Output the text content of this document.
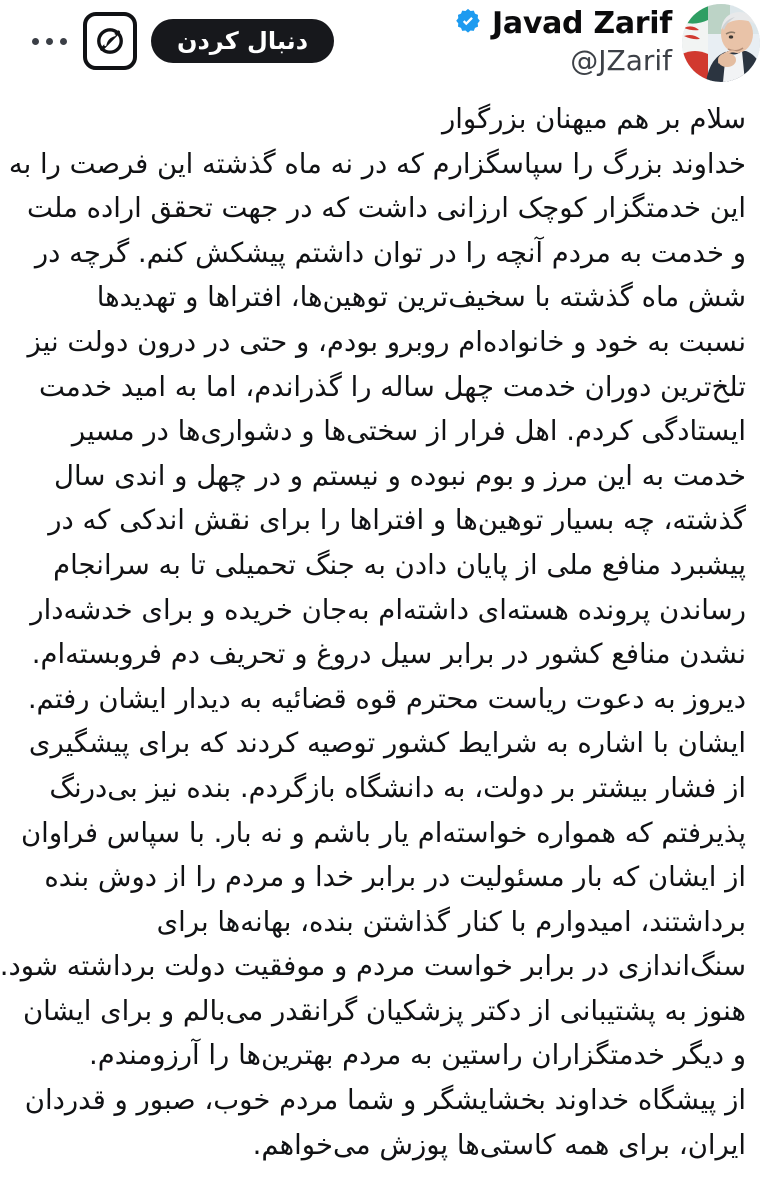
دنبال کردن	Javad Zarif
@JZarif
سلام بر هم میهنان بزرگوار
خداوند بزرگ را سپاسگزارم که در نه ماه گذشته این فرصت را به
این خدمتگزار کوچک ارزانی داشت که در جهت تحقق اراده ملت
و خدمت به مردم آنچه را در توان داشتم پیشکش کنم. گرچه در
شش ماه گذشته با سخیف‌ترین توهین‌ها، افتراها و تهدیدها
نسبت به خود و خانواده‌ام روبرو بودم، و حتی در درون دولت نیز
تلخ‌ترین دوران خدمت چهل ساله را گذراندم، اما به امید خدمت
ایستادگی کردم. اهل فرار از سختی‌ها و دشواری‌ها در مسیر
خدمت به این مرز و بوم نبوده و نیستم و در چهل و اندی سال
گذشته، چه بسیار توهین‌ها و افتراها را برای نقش اندکی که در
پیشبرد منافع ملی از پایان دادن به جنگ تحمیلی تا به سرانجام
رساندن پرونده هسته‌ای داشته‌ام به‌جان خریده و برای خدشه‌دار
نشدن منافع کشور در برابر سیل دروغ و تحریف دم فروبسته‌ام.
دیروز به دعوت ریاست محترم قوه قضائیه به دیدار ایشان رفتم.
ایشان با اشاره به شرایط کشور توصیه کردند که برای پیشگیری
از فشار بیشتر بر دولت، به دانشگاه بازگردم. بنده نیز بی‌درنگ
پذیرفتم که همواره خواسته‌ام یار باشم و نه بار. با سپاس فراوان
از ایشان که بار مسئولیت در برابر خدا و مردم را از دوش بنده
برداشتند، امیدوارم با کنار گذاشتن بنده، بهانه‌ها برای
سنگ‌اندازی در برابر خواست مردم و موفقیت دولت برداشته شود.
هنوز به پشتیبانی از دکتر پزشکیان گرانقدر می‌بالم و برای ایشان
و دیگر خدمتگزاران راستین به مردم بهترین‌ها را آرزومندم.
از پیشگاه خداوند بخشایشگر و شما مردم خوب، صبور و قدردان
ایران، برای همه کاستی‌ها پوزش می‌خواهم.
